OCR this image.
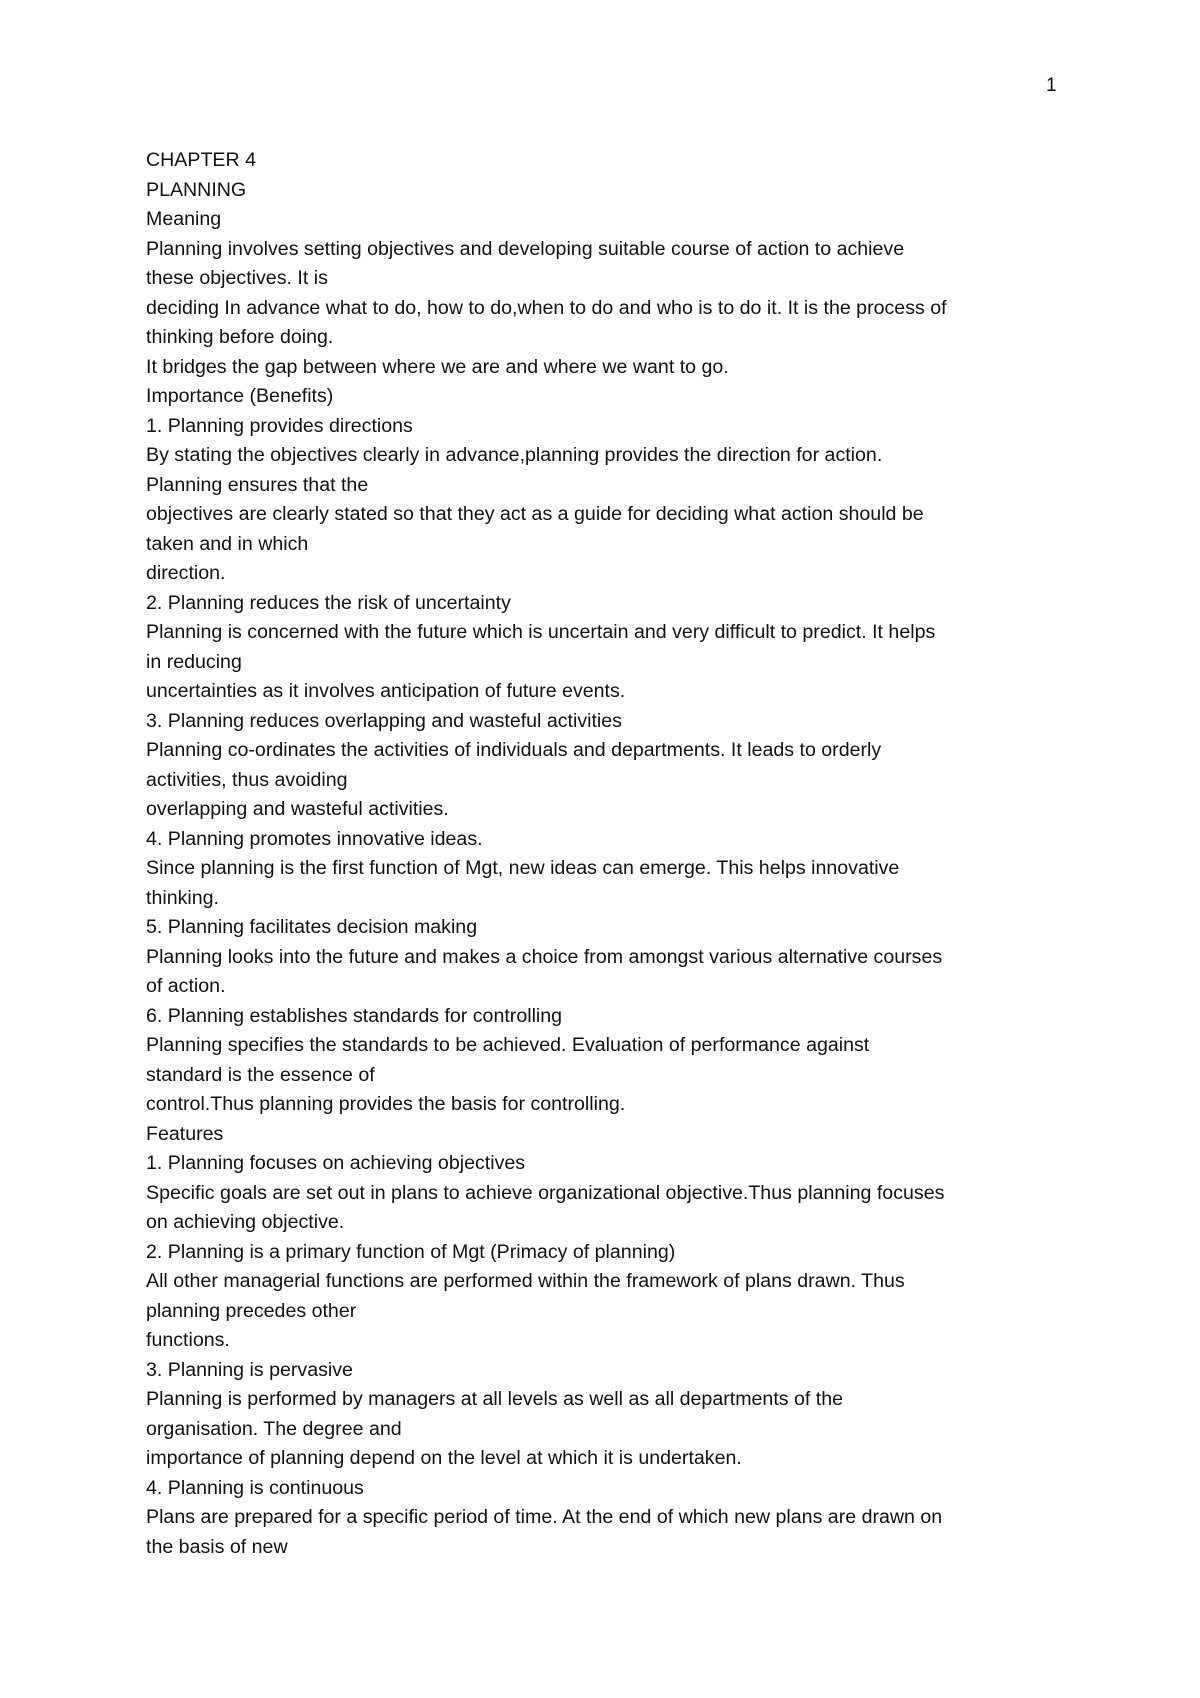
1
CHAPTER 4
PLANNING
Meaning
Planning involves setting objectives and developing suitable course of action to achieve
these objectives. It is
deciding In advance what to do, how to do,when to do and who is to do it. It is the process of
thinking before doing.
It bridges the gap between where we are and where we want to go.
Importance (Benefits)
1. Planning provides directions
By stating the objectives clearly in advance,planning provides the direction for action.
Planning ensures that the
objectives are clearly stated so that they act as a guide for deciding what action should be
taken and in which
direction.
2. Planning reduces the risk of uncertainty
Planning is concerned with the future which is uncertain and very difficult to predict. It helps
in reducing
uncertainties as it involves anticipation of future events.
3. Planning reduces overlapping and wasteful activities
Planning co-ordinates the activities of individuals and departments. It leads to orderly
activities, thus avoiding
overlapping and wasteful activities.
4. Planning promotes innovative ideas.
Since planning is the first function of Mgt, new ideas can emerge. This helps innovative
thinking.
5. Planning facilitates decision making
Planning looks into the future and makes a choice from amongst various alternative courses
of action.
6. Planning establishes standards for controlling
Planning specifies the standards to be achieved. Evaluation of performance against
standard is the essence of
control.Thus planning provides the basis for controlling.
Features
1. Planning focuses on achieving objectives
Specific goals are set out in plans to achieve organizational objective.Thus planning focuses
on achieving objective.
2. Planning is a primary function of Mgt (Primacy of planning)
All other managerial functions are performed within the framework of plans drawn. Thus
planning precedes other
functions.
3. Planning is pervasive
Planning is performed by managers at all levels as well as all departments of the
organisation. The degree and
importance of planning depend on the level at which it is undertaken.
4. Planning is continuous
Plans are prepared for a specific period of time. At the end of which new plans are drawn on
the basis of new
